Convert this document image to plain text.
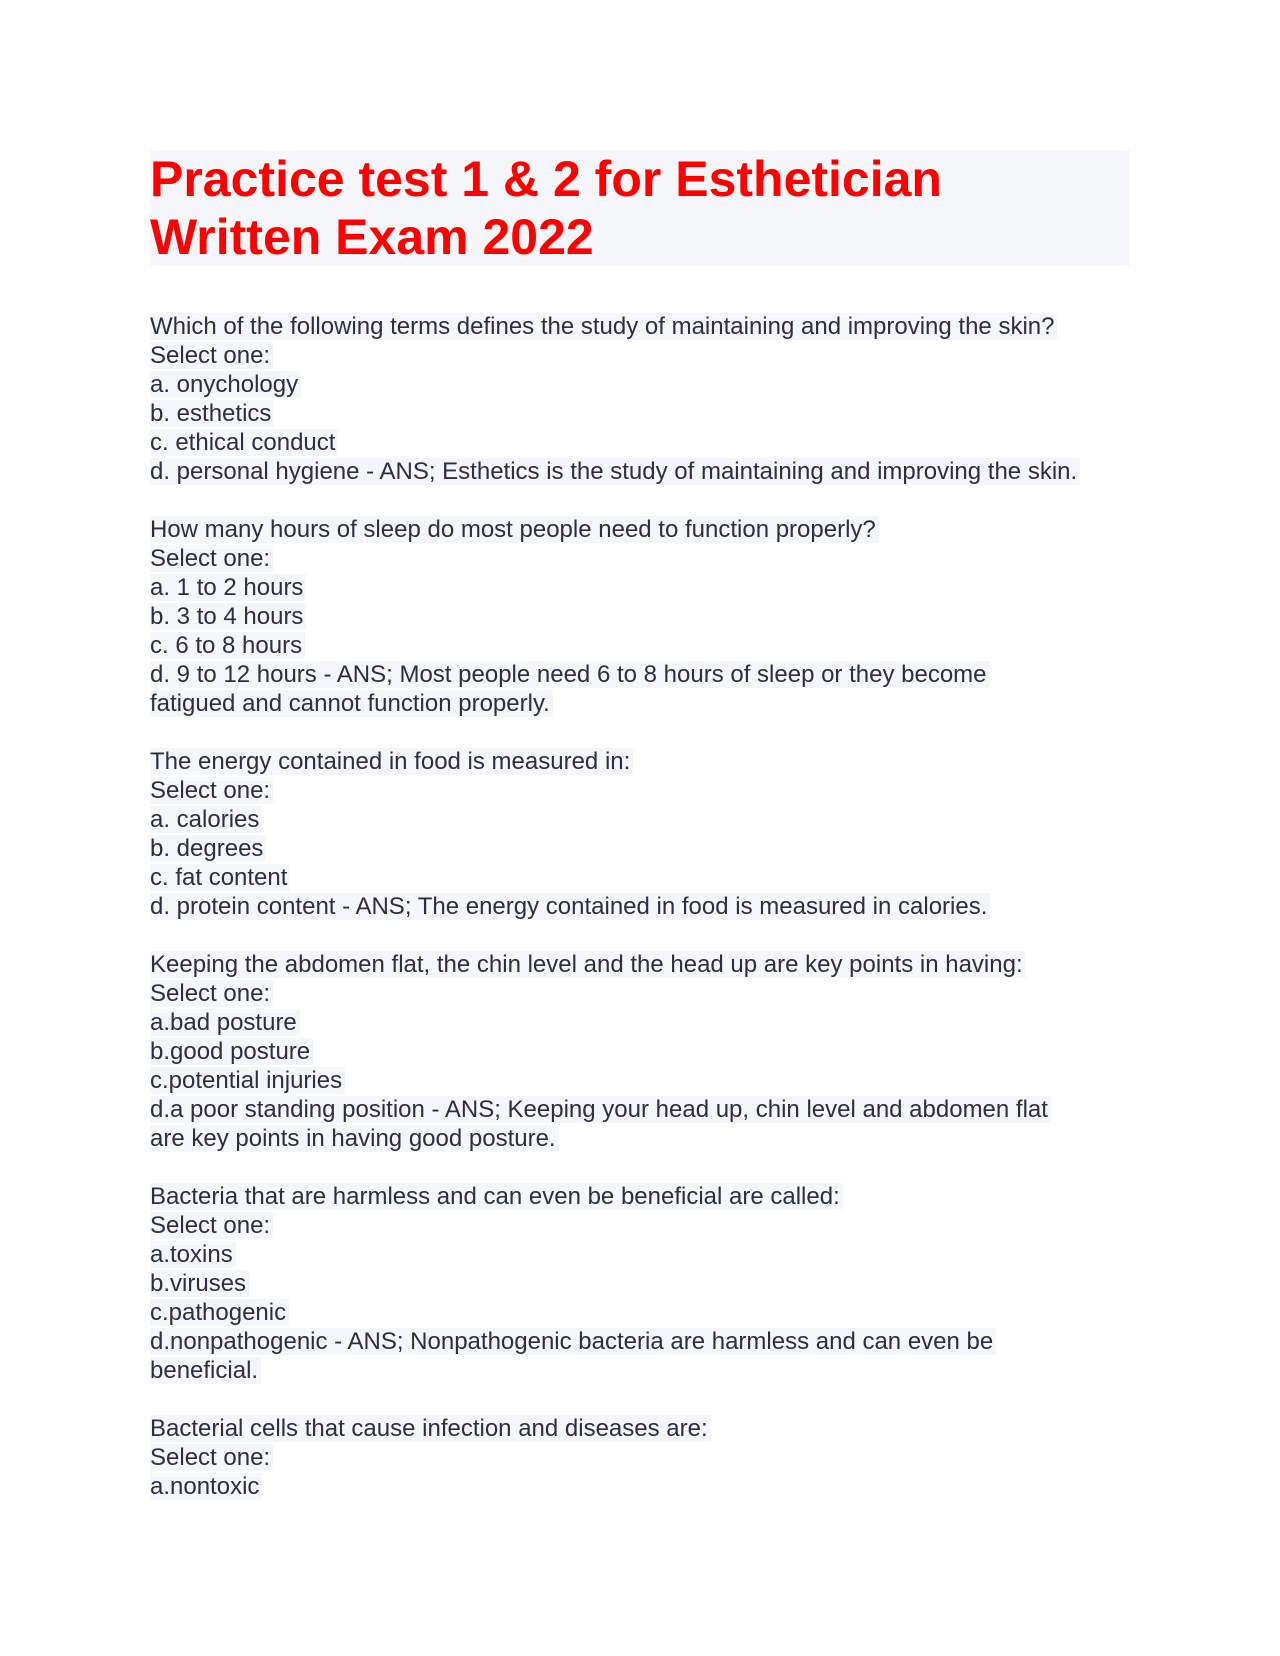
Practice test 1 & 2 for Esthetician
Written Exam 2022
Which of the following terms defines the study of maintaining and improving the skin?
Select one:
a. onychology
b. esthetics
c. ethical conduct
d. personal hygiene - ANS; Esthetics is the study of maintaining and improving the skin.
How many hours of sleep do most people need to function properly?
Select one:
a. 1 to 2 hours
b. 3 to 4 hours
c. 6 to 8 hours
d. 9 to 12 hours - ANS; Most people need 6 to 8 hours of sleep or they become
fatigued and cannot function properly.
The energy contained in food is measured in:
Select one:
a. calories
b. degrees
c. fat content
d. protein content - ANS; The energy contained in food is measured in calories.
Keeping the abdomen flat, the chin level and the head up are key points in having:
Select one:
a.bad posture
b.good posture
c.potential injuries
d.a poor standing position - ANS; Keeping your head up, chin level and abdomen flat
are key points in having good posture.
Bacteria that are harmless and can even be beneficial are called:
Select one:
a.toxins
b.viruses
c.pathogenic
d.nonpathogenic - ANS; Nonpathogenic bacteria are harmless and can even be
beneficial.
Bacterial cells that cause infection and diseases are:
Select one:
a.nontoxic
